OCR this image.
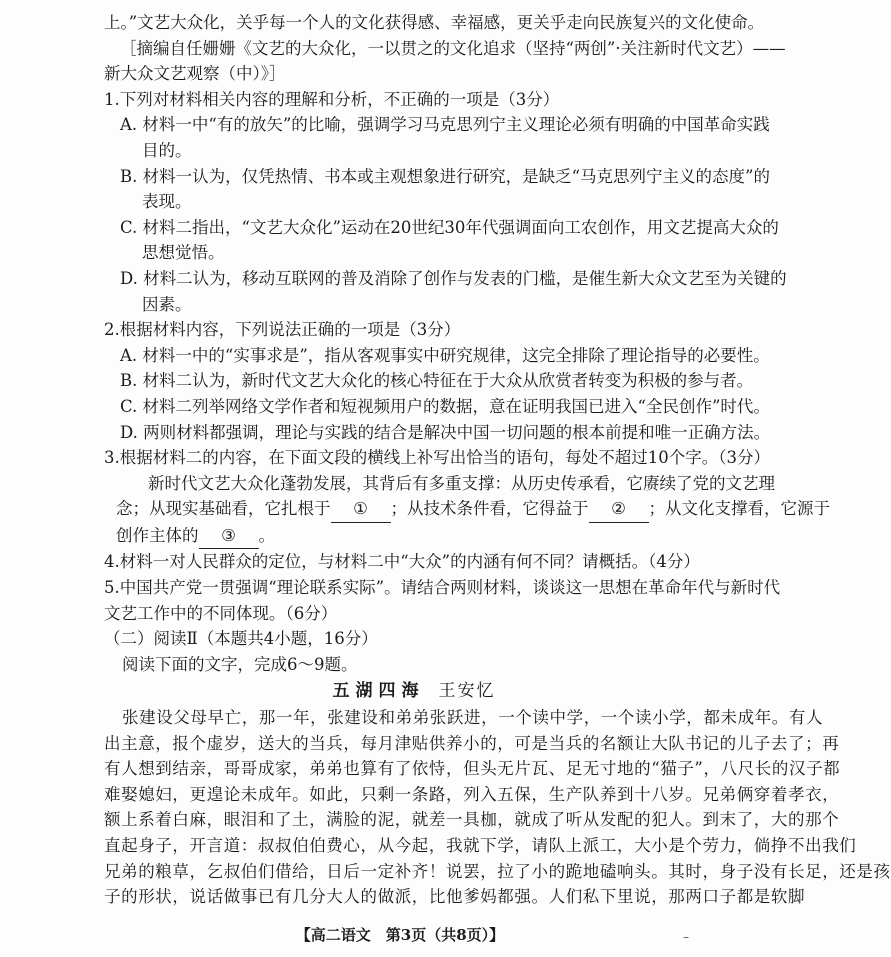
上。”文艺大众化，关乎每一个人的文化获得感、幸福感，更关乎走向民族复兴的文化使命。
［摘编自任姗姗《文艺的大众化，一以贯之的文化追求（坚持“两创”·关注新时代文艺）——
新大众文艺观察（中）》］
1.下列对材料相关内容的理解和分析，不正确的一项是（3分）
A. 材料一中“有的放矢”的比喻，强调学习马克思列宁主义理论必须有明确的中国革命实践
目的。
B. 材料一认为，仅凭热情、书本或主观想象进行研究，是缺乏“马克思列宁主义的态度”的
表现。
C. 材料二指出，“文艺大众化”运动在20世纪30年代强调面向工农创作，用文艺提高大众的
思想觉悟。
D. 材料二认为，移动互联网的普及消除了创作与发表的门槛，是催生新大众文艺至为关键的
因素。
2.根据材料内容，下列说法正确的一项是（3分）
A. 材料一中的“实事求是”，指从客观事实中研究规律，这完全排除了理论指导的必要性。
B. 材料二认为，新时代文艺大众化的核心特征在于大众从欣赏者转变为积极的参与者。
C. 材料二列举网络文学作者和短视频用户的数据，意在证明我国已进入“全民创作”时代。
D. 两则材料都强调，理论与实践的结合是解决中国一切问题的根本前提和唯一正确方法。
3.根据材料二的内容，在下面文段的横线上补写出恰当的语句，每处不超过10个字。（3分）
新时代文艺大众化蓬勃发展，其背后有多重支撑：从历史传承看，它赓续了党的文艺理
念；从现实基础看，它扎根于 ① ；从技术条件看，它得益于 ② ；从文化支撑看，它源于
创作主体的 ③ 。
4.材料一对人民群众的定位，与材料二中“大众”的内涵有何不同？请概括。（4分）
5.中国共产党一贯强调“理论联系实际”。请结合两则材料，谈谈这一思想在革命年代与新时代
文艺工作中的不同体现。（6分）
（二）阅读Ⅱ（本题共4小题，16分）
阅读下面的文字，完成6～9题。
五湖四海 王安忆
张建设父母早亡，那一年，张建设和弟弟张跃进，一个读中学，一个读小学，都未成年。有人
出主意，报个虚岁，送大的当兵，每月津贴供养小的，可是当兵的名额让大队书记的儿子去了；再
有人想到结亲，哥哥成家，弟弟也算有了依恃，但头无片瓦、足无寸地的“猫子”，八尺长的汉子都
难娶媳妇，更遑论未成年。如此，只剩一条路，列入五保，生产队养到十八岁。兄弟俩穿着孝衣，
额上系着白麻，眼泪和了土，满脸的泥，就差一具枷，就成了听从发配的犯人。到末了，大的那个
直起身子，开言道：叔叔伯伯费心，从今起，我就下学，请队上派工，大小是个劳力，倘挣不出我们
兄弟的粮草，乞叔伯们借给，日后一定补齐！说罢，拉了小的跪地磕响头。其时，身子没有长足，还是孩
子的形状，说话做事已有几分大人的做派，比他爹妈都强。人们私下里说，那两口子都是软脚
【高二语文　第3页（共8页）】	–
